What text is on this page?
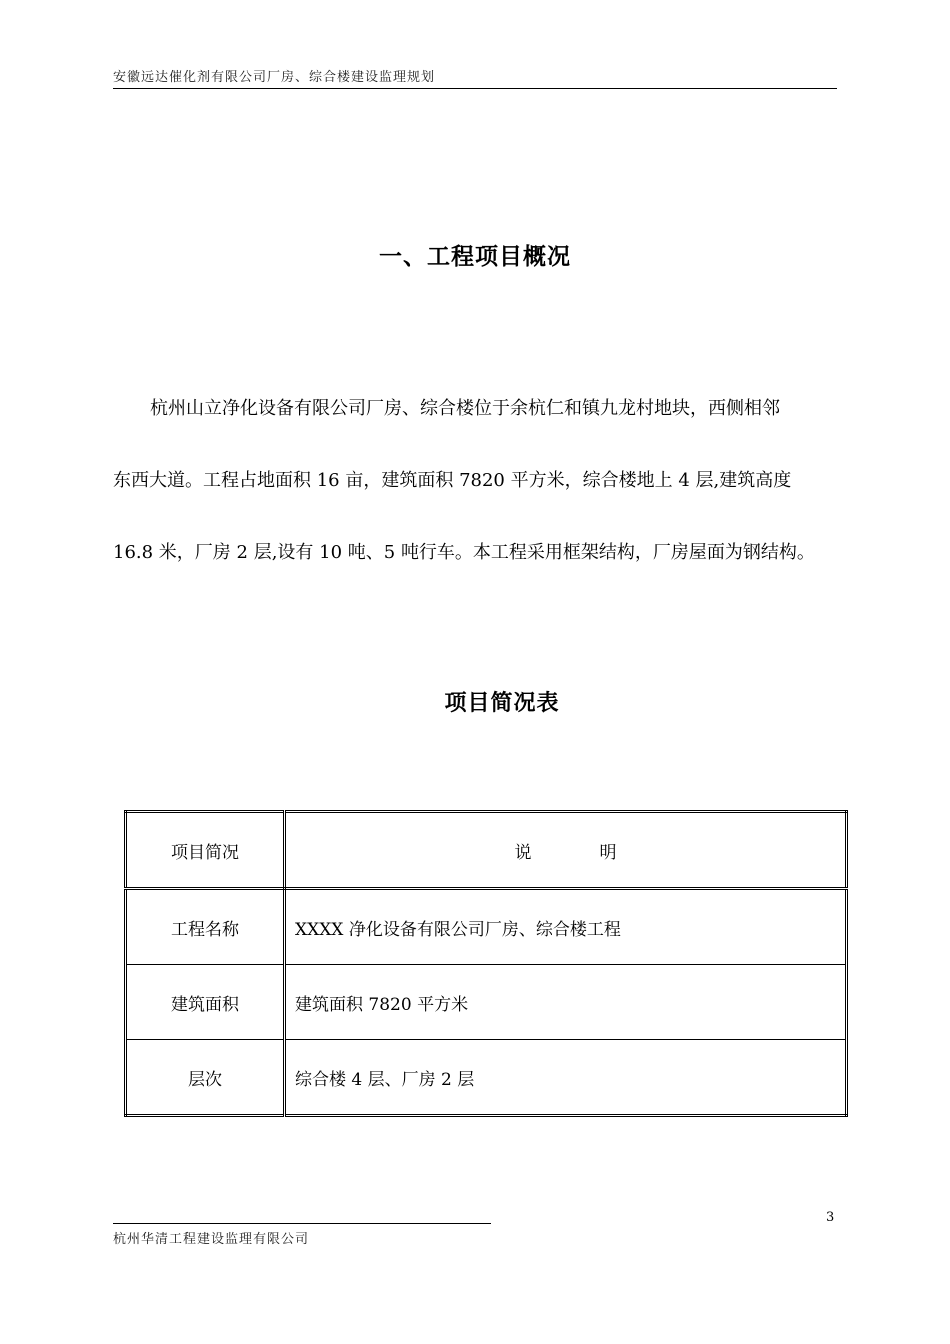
安徽远达催化剂有限公司厂房、综合楼建设监理规划
一、工程项目概况
杭州山立净化设备有限公司厂房、综合楼位于余杭仁和镇九龙村地块，西侧相邻
东西大道。工程占地面积 16 亩，建筑面积 7820 平方米，综合楼地上 4 层,建筑高度
16.8 米，厂房 2 层,设有 10 吨、5 吨行车。本工程采用框架结构，厂房屋面为钢结构。
项目简况表
项目简况	说　　　　明
工程名称	XXXX 净化设备有限公司厂房、综合楼工程
建筑面积	建筑面积 7820 平方米
层次	综合楼 4 层、厂房 2 层
3
杭州华清工程建设监理有限公司
